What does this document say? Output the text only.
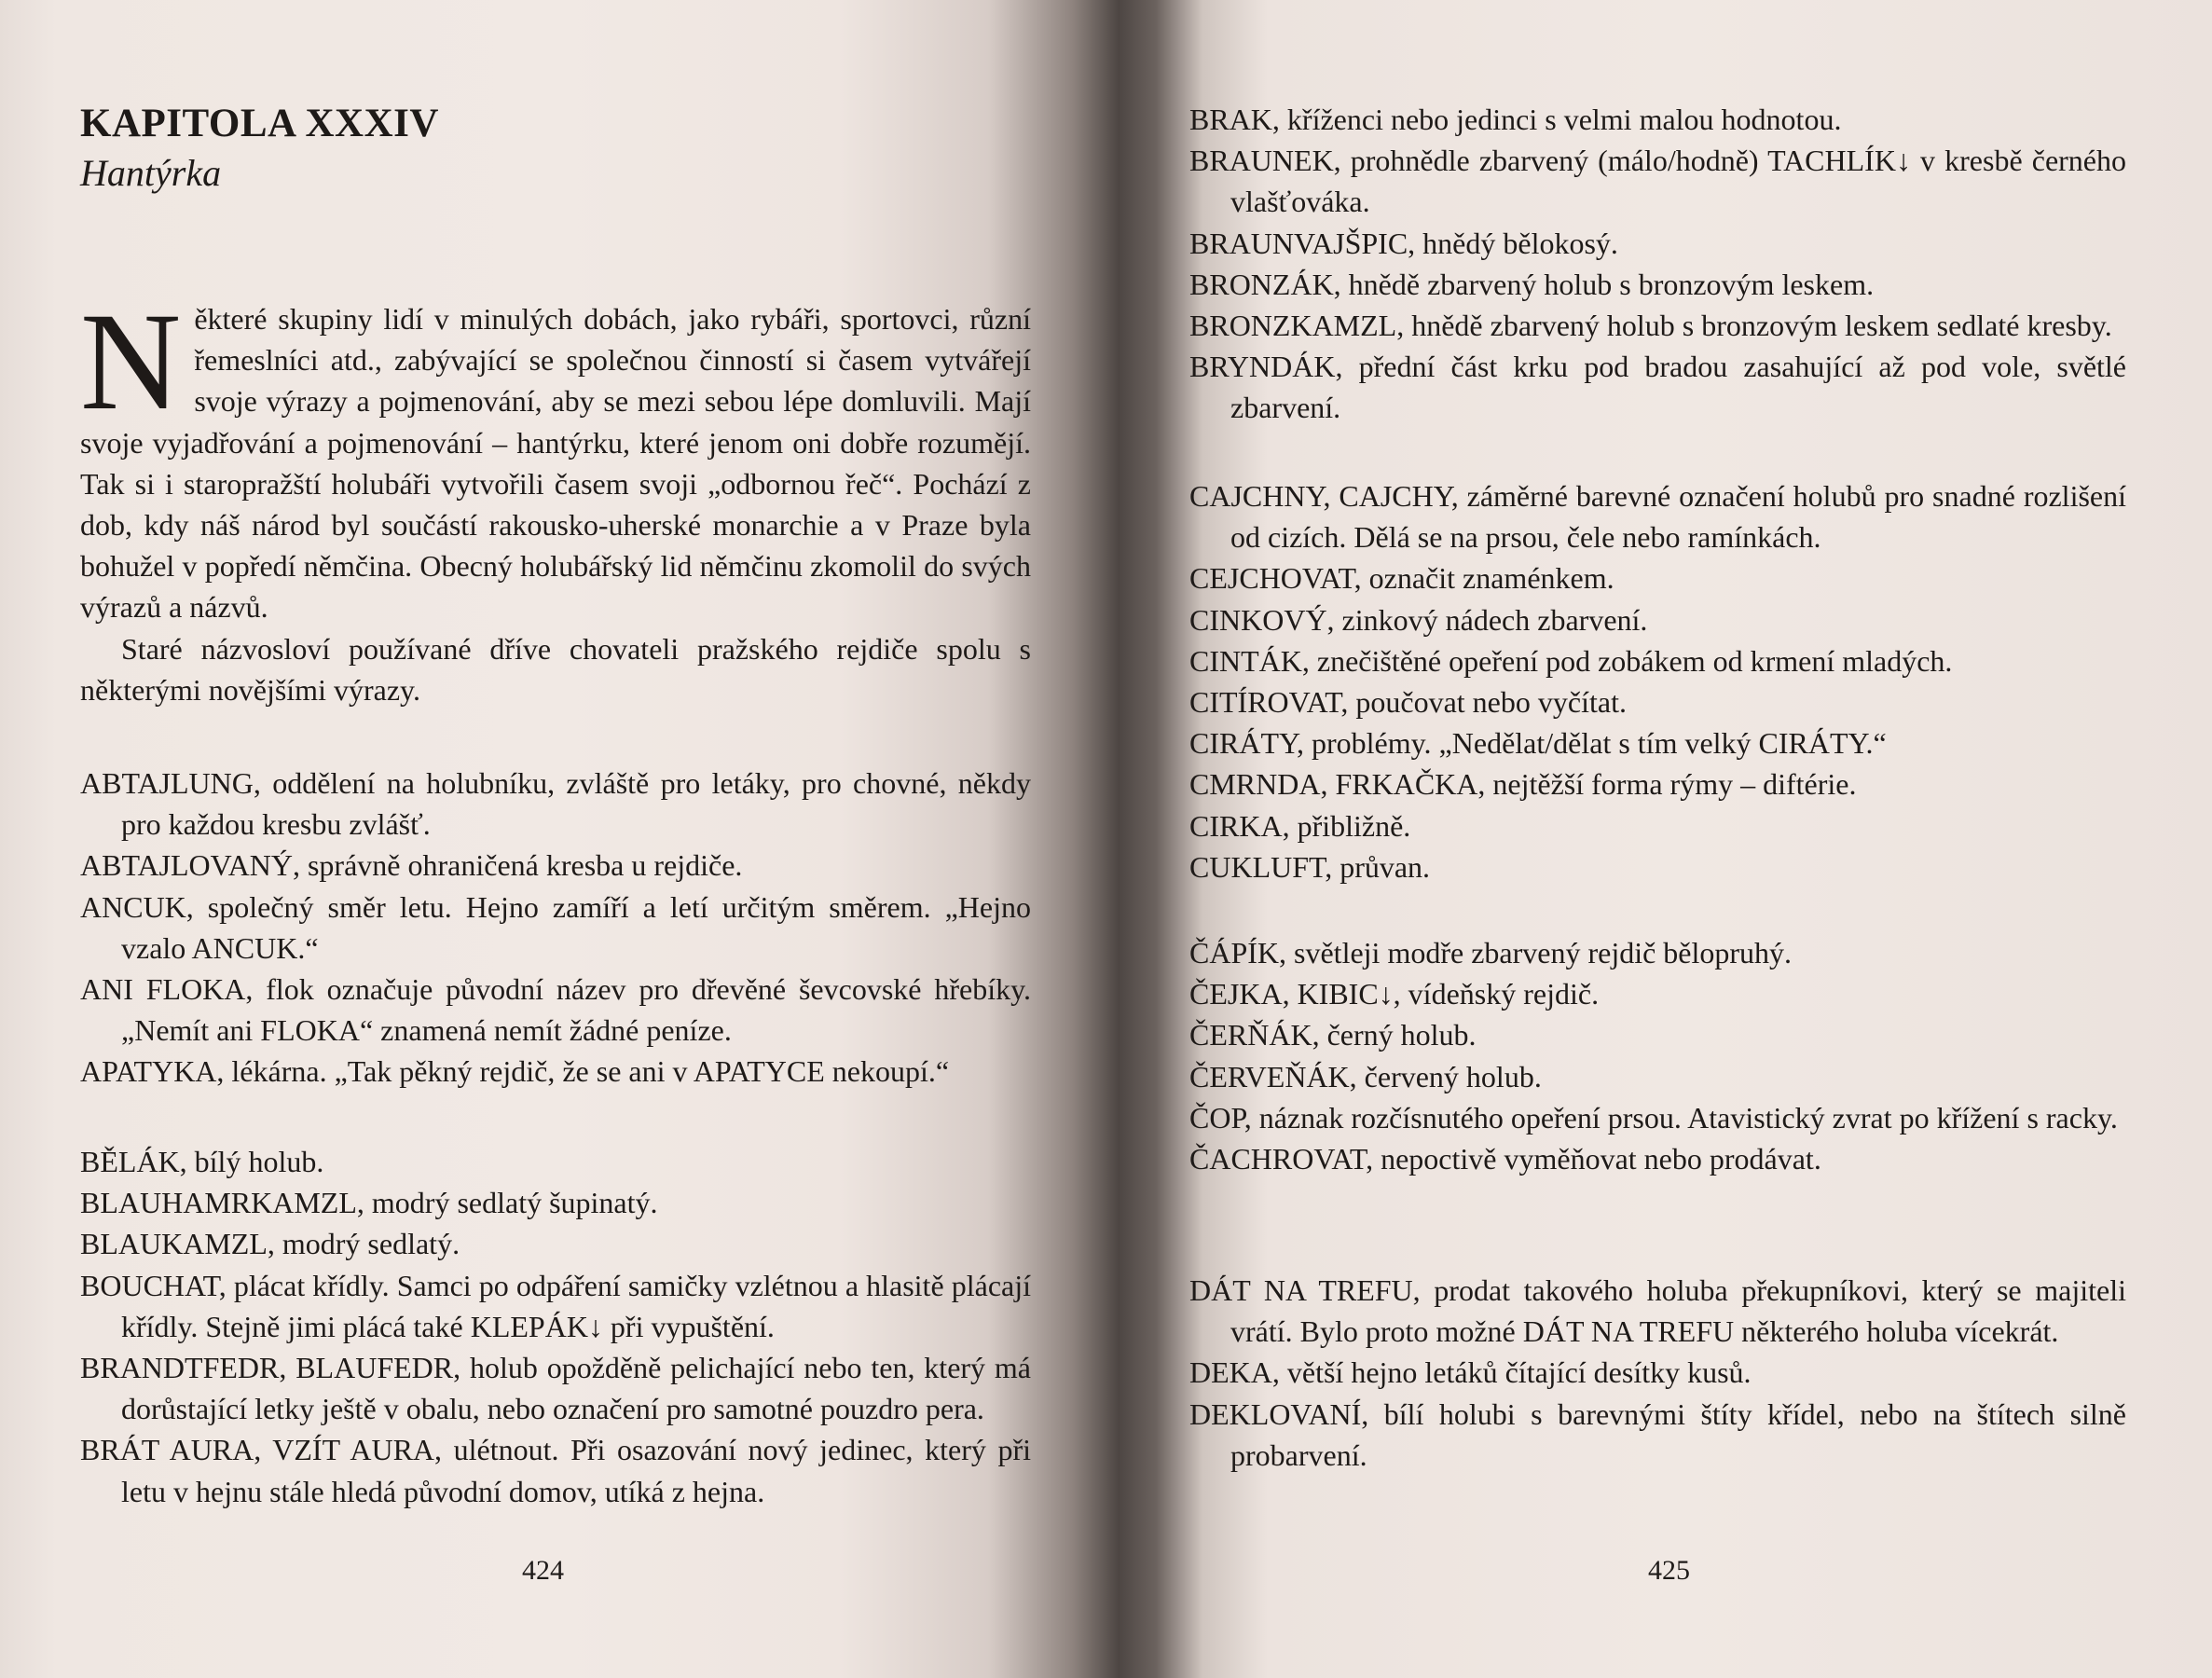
KAPITOLA XXXIV
Hantýrka
N ěkteré skupiny lidí v minulých dobách, jako rybáři, sportovci, různí řemeslníci atd., zabývající se společnou činností si časem vytvářejí svoje výrazy a pojmenování, aby se mezi sebou lépe domluvili. Mají svoje vyjadřování a pojmenování – hantýrku, které jenom oni dobře rozumějí. Tak si i staropražští holubáři vytvořili časem svoji „odbornou řeč“. Pochází z dob, kdy náš národ byl součástí rakousko-uherské monarchie a v Praze byla bohužel v popředí němčina. Obecný holubářský lid němčinu zkomolil do svých výrazů a názvů.

Staré názvosloví používané dříve chovateli pražského rejdiče spolu s některými novějšími výrazy.

ABTAJLUNG, oddělení na holubníku, zvláště pro letáky, pro chovné, někdy pro každou kresbu zvlášť.
ABTAJLOVANÝ, správně ohraničená kresba u rejdiče.
ANCUK, společný směr letu. Hejno zamíří a letí určitým směrem. „Hejno vzalo ANCUK.“
ANI FLOKA, flok označuje původní název pro dřevěné ševcovské hřebíky. „Nemít ani FLOKA“ znamená nemít žádné peníze.
APATYKA, lékárna. „Tak pěkný rejdič, že se ani v APATYCE nekoupí.“
BĚLÁK, bílý holub.
BLAUHAMRKAMZL, modrý sedlatý šupinatý.
BLAUKAMZL, modrý sedlatý.
BOUCHAT, plácat křídly. Samci po odpáření samičky vzlétnou a hlasitě plácají křídly. Stejně jimi plácá také KLEPÁK↓ při vypuštění.
BRANDTFEDR, BLAUFEDR, holub opožděně pelichající nebo ten, který má dorůstající letky ještě v obalu, nebo označení pro samotné pouzdro pera.
BRÁT AURA, VZÍT AURA, ulétnout. Při osazování nový jedinec, který při letu v hejnu stále hledá původní domov, utíká z hejna.
424
BRAK, kříženci nebo jedinci s velmi malou hodnotou.
BRAUNEK, prohnědle zbarvený (málo/hodně) TACHLÍK↓ v kresbě černého vlašťováka.
BRAUNVAJŠPIC, hnědý bělokosý.
BRONZÁK, hnědě zbarvený holub s bronzovým leskem.
BRONZKAMZL, hnědě zbarvený holub s bronzovým leskem sedlaté kresby.
BRYNDÁK, přední část krku pod bradou zasahující až pod vole, světlé zbarvení.
CAJCHNY, CAJCHY, záměrné barevné označení holubů pro snadné rozlišení od cizích. Dělá se na prsou, čele nebo ramínkách.
CEJCHOVAT, označit znaménkem.
CINKOVÝ, zinkový nádech zbarvení.
CINTÁK, znečištěné opeření pod zobákem od krmení mladých.
CITÍROVAT, poučovat nebo vyčítat.
CIRÁTY, problémy. „Nedělat/dělat s tím velký CIRÁTY.“
CMRNDA, FRKAČKA, nejtěžší forma rýmy – diftérie.
CIRKA, přibližně.
CUKLUFT, průvan.
ČÁPÍK, světleji modře zbarvený rejdič bělopruhý.
ČEJKA, KIBIC↓, vídeňský rejdič.
ČERŇÁK, černý holub.
ČERVEŇÁK, červený holub.
ČOP, náznak rozčísnutého opeření prsou. Atavistický zvrat po křížení s racky.
ČACHROVAT, nepoctivě vyměňovat nebo prodávat.
DÁT NA TREFU, prodat takového holuba překupníkovi, který se majiteli vrátí. Bylo proto možné DÁT NA TREFU některého holuba vícekrát.
DEKA, větší hejno letáků čítající desítky kusů.
DEKLOVANÍ, bílí holubi s barevnými štíty křídel, nebo na štítech silně probarvení.
425
